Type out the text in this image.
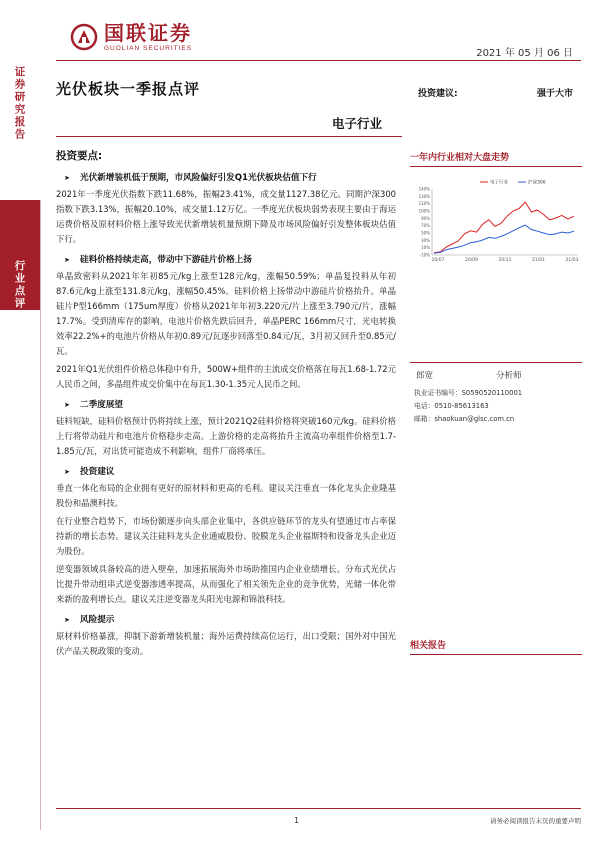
国联证券
GUOLIAN SECURITIES	2021 年 05 月 06 日
证券研究报告
行业点评
光伏板块一季报点评	投资建议:	强于大市
电子行业
投资要点:
➤	光伏新增装机低于预期，市风险偏好引发Q1光伏板块估值下行

2021年一季度光伏指数下跌11.68%，振幅23.41%，成交量1127.38亿元。同期沪深300指数下跌3.13%，振幅20.10%，成交量1.12万亿。一季度光伏板块弱势表现主要由于海运运费价格及原材料价格上涨导致光伏新增装机量预期下降及市场风险偏好引发整体板块估值下行。

➤	硅料价格持续走高，带动中下游硅片价格上扬

单晶致密料从2021年年初85元/kg上涨至128元/kg，涨幅50.59%；单晶复投料从年初87.6元/kg上涨至131.8元/kg，涨幅50.45%。硅料价格上扬带动中游硅片价格抬升。单晶硅片P型166mm（175um厚度）价格从2021年年初3.220元/片上涨至3.790元/片，涨幅17.7%。受到清库存的影响，电池片价格先跌后回升，单晶PERC 166mm尺寸，光电转换效率22.2%+的电池片价格从年初0.89元/瓦逐步回落至0.84元/瓦，3月初又回升至0.85元/瓦。

2021年Q1光伏组件价格总体稳中有升，500W+组件的主流成交价格落在每瓦1.68-1.72元人民币之间，多晶组件成交价集中在每瓦1.30-1.35元人民币之间。

➤	二季度展望

硅料短缺，硅料价格预计仍将持续上涨，预计2021Q2硅料价格将突破160元/kg。硅料价格上行将带动硅片和电池片价格稳步走高。上游价格的走高将抬升主流高功率组件价格至1.7-1.85元/瓦，对出货可能造成不利影响，组件厂商将承压。

➤	投资建议

垂直一体化布局的企业拥有更好的原材料和更高的毛利。建议关注垂直一体化龙头企业隆基股份和晶澳科技。

在行业整合趋势下，市场份额逐步向头部企业集中，各供应链环节的龙头有望通过市占率保持新的增长态势。建议关注硅料龙头企业通威股份、胶膜龙头企业福斯特和设备龙头企业迈为股份。

逆变器领域具备较高的进入壁垒，加速拓展海外市场助推国内企业业绩增长。分布式光伏占比提升带动组串式逆变器渗透率提高，从而强化了相关领先企业的竞争优势，光储一体化带来新的盈利增长点。建议关注逆变器龙头阳光电源和锦浪科技。

➤	风险提示

原材料价格暴涨，抑制下游新增装机量；海外运费持续高位运行，出口受限；国外对中国光伏产品关税政策的变动。

一年内行业相对大盘走势
140%
130%
110%
100%
90%
70%
50%
30%
10%
-10%
20/07	20/09	20/11	21/01	21/03
电子行业	沪深300
郎宽	分析师
执业证书编号：S0590520110001
电话：0510-85613163
邮箱：shaokuan@glsc.com.cn
相关报告
1	请务必阅读报告末页的重要声明
